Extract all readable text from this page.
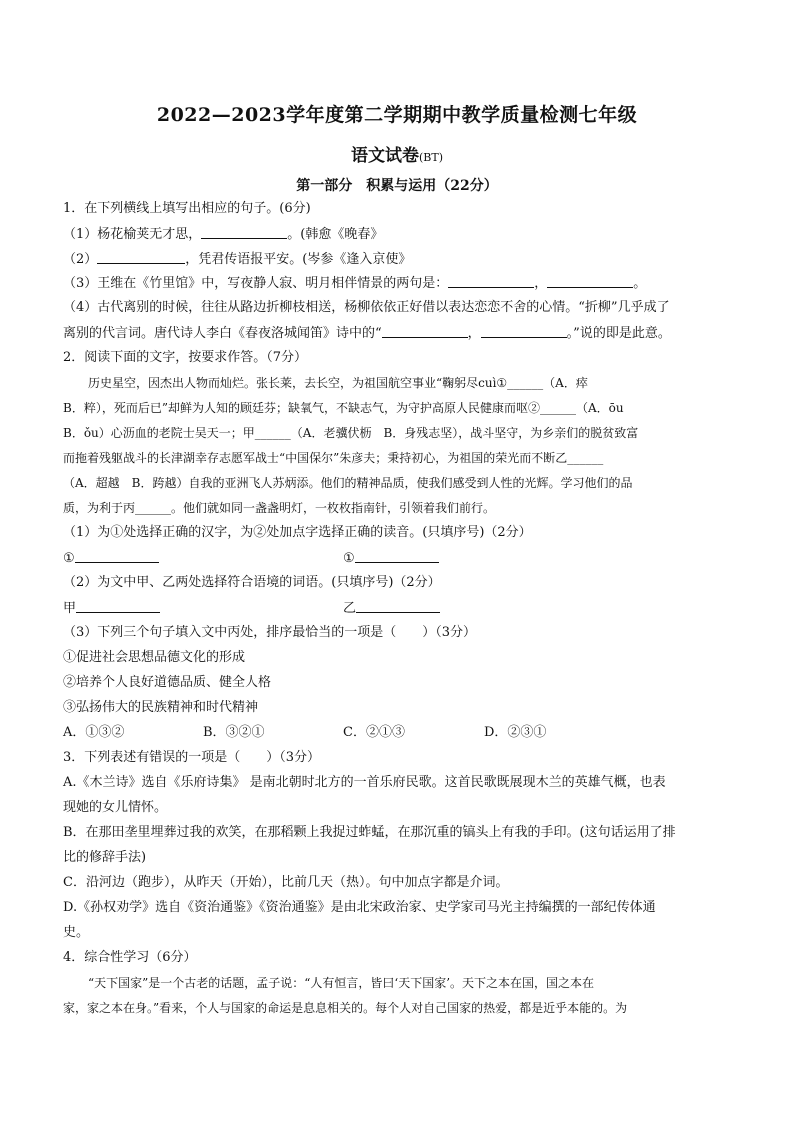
2022—2023学年度第二学期期中教学质量检测七年级
语文试卷(BT)
第一部分　积累与运用（22分）
1．在下列横线上填写出相应的句子。(6分)
（1）杨花榆荚无才思，	。(韩愈《晚春》
（2）	，凭君传语报平安。(岑参《逢入京使》
（3）王维在《竹里馆》中，写夜静人寂、明月相伴情景的两句是：	，	。
（4）古代离别的时候，往往从路边折柳枝相送，杨柳依依正好借以表达恋恋不舍的心情。“折柳”几乎成了
离别的代言词。唐代诗人李白《春夜洛城闻笛》诗中的“	，	。”说的即是此意。
2．阅读下面的文字，按要求作答。（7分）
历史星空，因杰出人物而灿烂。张长莱，去长空，为祖国航空事业“鞠躬尽cuì①______（A．瘁
B．粹），死而后已”却鲜为人知的顾廷芬；缺氧气，不缺志气，为守护高原人民健康而呕②______（A．ōu
B．ǒu）心沥血的老院士吴天一；甲______（A．老骥伏枥　B．身残志坚），战斗坚守，为乡亲们的脱贫致富
而拖着残躯战斗的长津湖幸存志愿军战士“中国保尔”朱彦夫；秉持初心，为祖国的荣光而不断乙______
（A．超越　B．跨越）自我的亚洲飞人苏炳添。他们的精神品质，使我们感受到人性的光辉。学习他们的品
质，为利于丙______。他们就如同一盏盏明灯，一枚枚指南针，引领着我们前行。
（1）为①处选择正确的汉字，为②处加点字选择正确的读音。(只填序号)（2分）
①	①
（2）为文中甲、乙两处选择符合语境的词语。(只填序号)（2分）
甲	乙
（3）下列三个句子填入文中丙处，排序最恰当的一项是（　　）（3分）
①促进社会思想品德文化的形成
②培养个人良好道德品质、健全人格
③弘扬伟大的民族精神和时代精神
A．①③②	B．③②①	C．②①③	D．②③①
3．下列表述有错误的一项是（　　）（3分）
A.《木兰诗》选自《乐府诗集》 是南北朝时北方的一首乐府民歌。这首民歌既展现木兰的英雄气概，也表
现她的女儿情怀。
B．在那田垄里埋葬过我的欢笑，在那稻颗上我捉过蚱蜢，在那沉重的镐头上有我的手印。(这句话运用了排
比的修辞手法)
C．沿河边（跑步），从昨天（开始），比前几天（热）。句中加点字都是介词。
D.《孙权劝学》选自《资治通鉴》《资治通鉴》是由北宋政治家、史学家司马光主持编撰的一部纪传体通
史。
4．综合性学习（6分）
“天下国家”是一个古老的话题，孟子说：“人有恒言，皆曰‘天下国家’。天下之本在国，国之本在
家，家之本在身。”看来，个人与国家的命运是息息相关的。每个人对自己国家的热爱，都是近乎本能的。为
